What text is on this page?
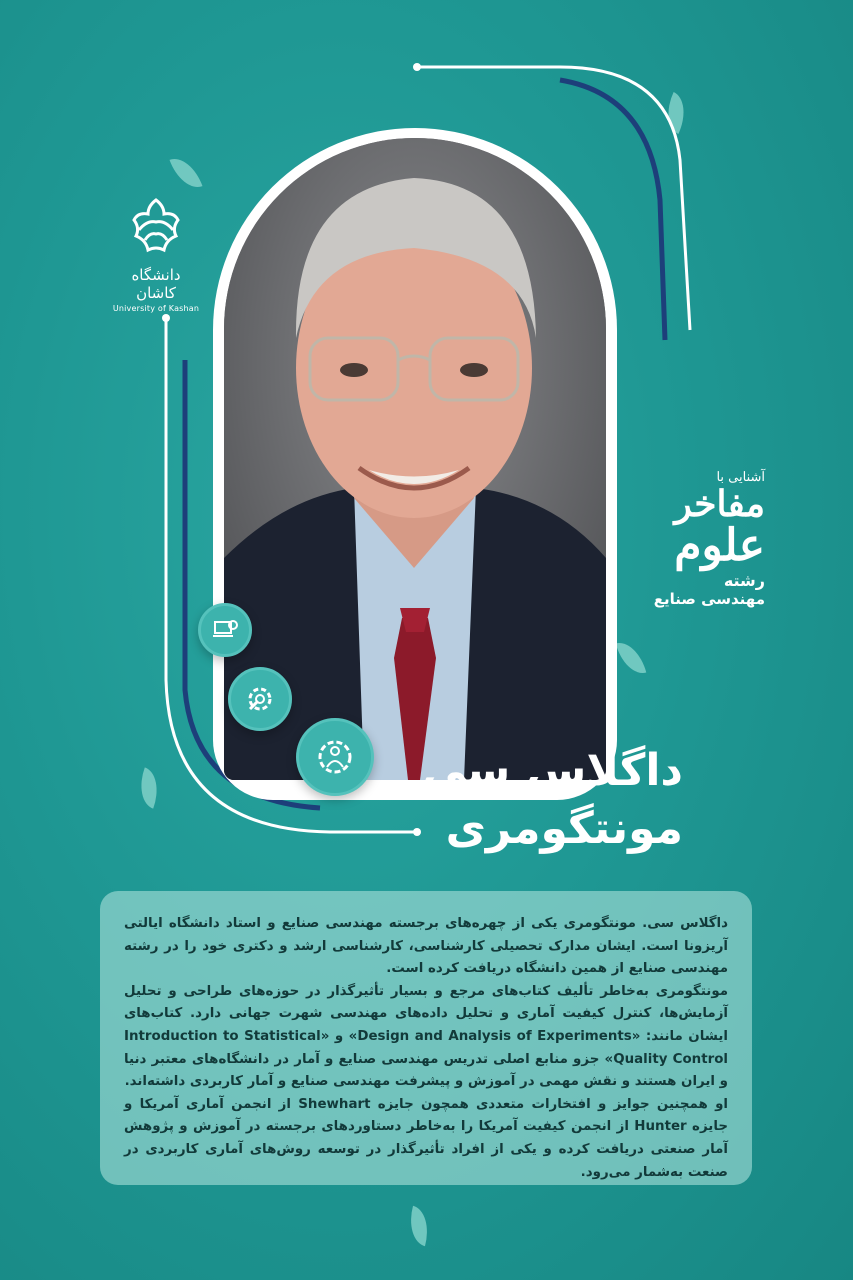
دانشگاه کاشان
University of Kashan
آشنایی با
مفاخر
علوم
رشته
مهندسی صنایع
داگلاس سی
مونتگومری

داگلاس سی. مونتگومری یکی از چهره‌های برجسته مهندسی صنایع و استاد دانشگاه ایالتی آریزونا است. ایشان مدارک تحصیلی کارشناسی، کارشناسی ارشد و دکتری خود را در رشته مهندسی صنایع از همین دانشگاه دریافت کرده است.

مونتگومری به‌خاطر تألیف کتاب‌های مرجع و بسیار تأثیرگذار در حوزه‌های طراحی و تحلیل آزمایش‌ها، کنترل کیفیت آماری و تحلیل داده‌های مهندسی شهرت جهانی دارد. کتاب‌های ایشان مانند: «Design and Analysis of Experiments» و «Introduction to Statistical Quality Control» جزو منابع اصلی تدریس مهندسی صنایع و آمار در دانشگاه‌های معتبر دنیا و ایران هستند و نقش مهمی در آموزش و پیشرفت مهندسی صنایع و آمار کاربردی داشته‌اند.

او همچنین جوایز و افتخارات متعددی همچون جایزه Shewhart از انجمن آماری آمریکا و جایزه Hunter از انجمن کیفیت آمریکا را به‌خاطر دستاوردهای برجسته در آموزش و پژوهش آمار صنعتی دریافت کرده و یکی از افراد تأثیرگذار در توسعه روش‌های آماری کاربردی در صنعت به‌شمار می‌رود.
